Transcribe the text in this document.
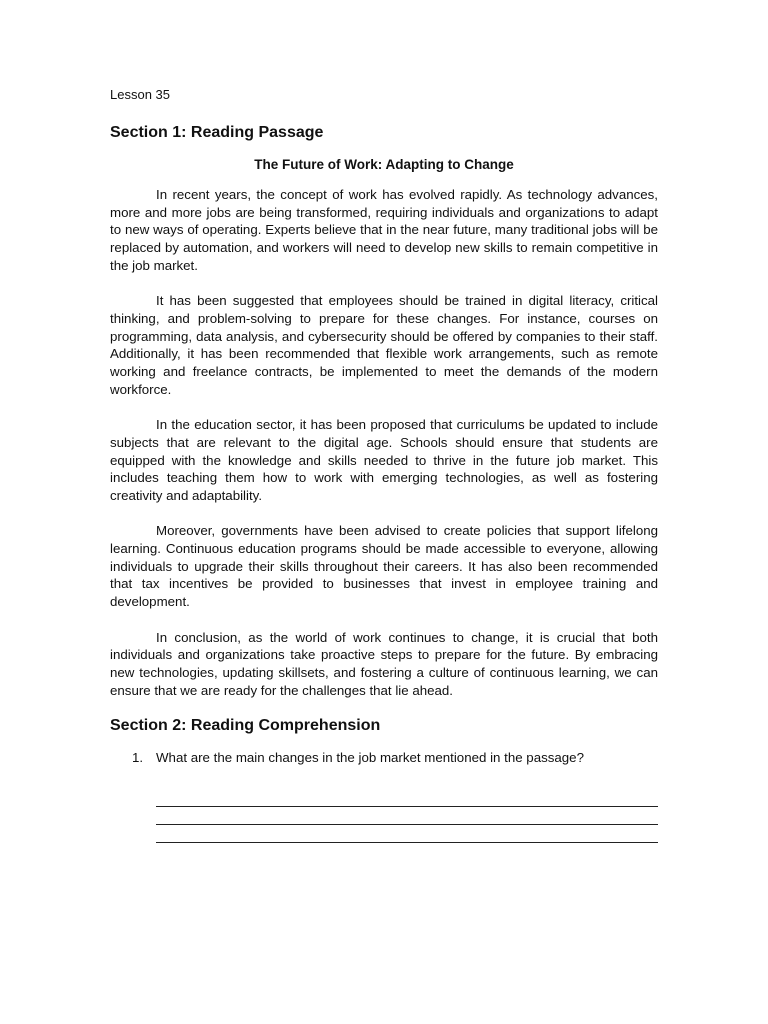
Lesson 35
Section 1: Reading Passage
The Future of Work: Adapting to Change

In recent years, the concept of work has evolved rapidly. As technology advances, more and more jobs are being transformed, requiring individuals and organizations to adapt to new ways of operating. Experts believe that in the near future, many traditional jobs will be replaced by automation, and workers will need to develop new skills to remain competitive in the job market.

It has been suggested that employees should be trained in digital literacy, critical thinking, and problem-solving to prepare for these changes. For instance, courses on programming, data analysis, and cybersecurity should be offered by companies to their staff. Additionally, it has been recommended that flexible work arrangements, such as remote working and freelance contracts, be implemented to meet the demands of the modern workforce.

In the education sector, it has been proposed that curriculums be updated to include subjects that are relevant to the digital age. Schools should ensure that students are equipped with the knowledge and skills needed to thrive in the future job market. This includes teaching them how to work with emerging technologies, as well as fostering creativity and adaptability.

Moreover, governments have been advised to create policies that support lifelong learning. Continuous education programs should be made accessible to everyone, allowing individuals to upgrade their skills throughout their careers. It has also been recommended that tax incentives be provided to businesses that invest in employee training and development.

In conclusion, as the world of work continues to change, it is crucial that both individuals and organizations take proactive steps to prepare for the future. By embracing new technologies, updating skillsets, and fostering a culture of continuous learning, we can ensure that we are ready for the challenges that lie ahead.

Section 2: Reading Comprehension
1. What are the main changes in the job market mentioned in the passage?
